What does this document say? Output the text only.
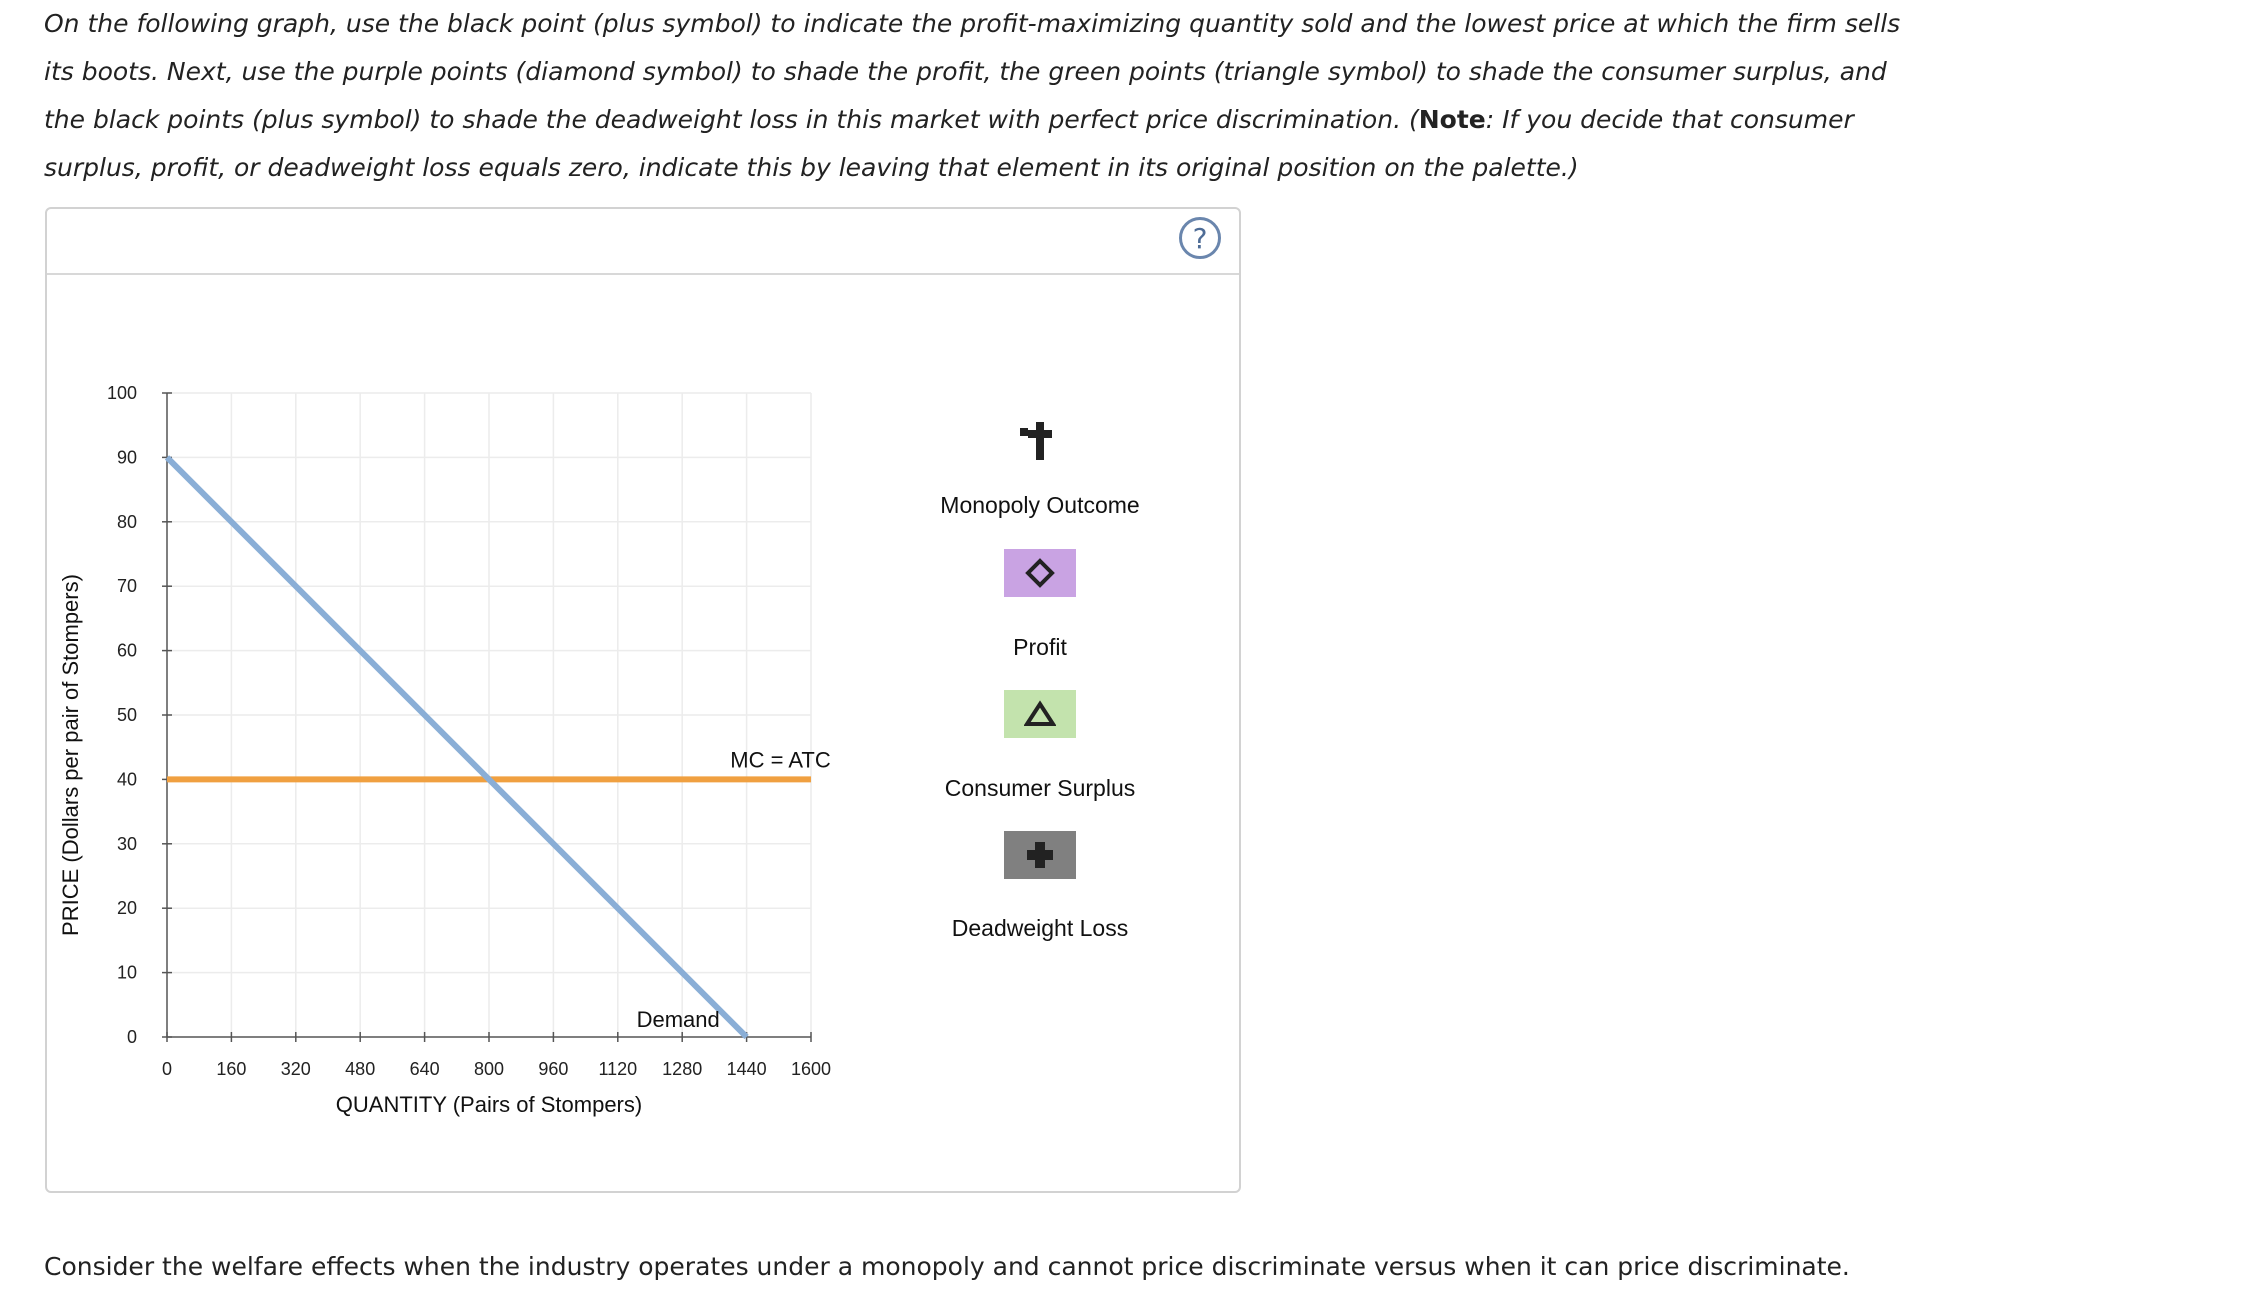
On the following graph, use the black point (plus symbol) to indicate the profit-maximizing quantity sold and the lowest price at which the firm sells its boots. Next, use the purple points (diamond symbol) to shade the profit, the green points (triangle symbol) to shade the consumer surplus, and the black points (plus symbol) to shade the deadweight loss in this market with perfect price discrimination. (Note: If you decide that consumer surplus, profit, or deadweight loss equals zero, indicate this by leaving that element in its original position on the palette.)
?
0 160 320 480 640 800 960 1120 1280 1440 1600
0
10
20
30
40
50
60
70
80
90
100
QUANTITY (Pairs of Stompers)
PRICE (Dollars per pair of Stompers)	MC = ATC
Demand
Monopoly Outcome
Profit
Consumer Surplus
Deadweight Loss
Consider the welfare effects when the industry operates under a monopoly and cannot price discriminate versus when it can price discriminate.
